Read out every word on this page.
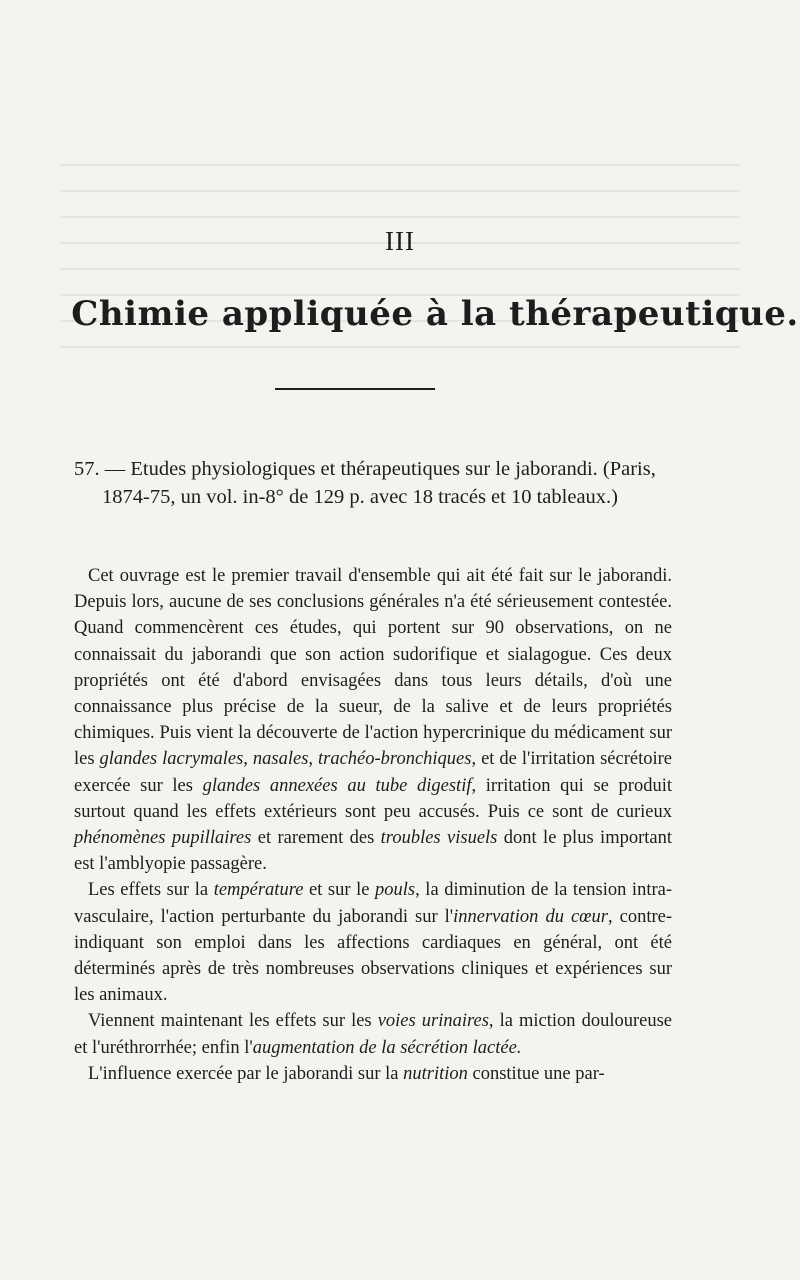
III
Chimie appliquée à la thérapeutique.
57. — Etudes physiologiques et thérapeutiques sur le jaborandi. (Paris, 1874-75, un vol. in-8° de 129 p. avec 18 tracés et 10 tableaux.)

Cet ouvrage est le premier travail d'ensemble qui ait été fait sur le jaborandi. Depuis lors, aucune de ses conclusions générales n'a été sérieusement contestée. Quand commencèrent ces études, qui portent sur 90 observations, on ne connaissait du jaborandi que son action sudorifique et sialagogue. Ces deux propriétés ont été d'abord envisagées dans tous leurs détails, d'où une connaissance plus précise de la sueur, de la salive et de leurs propriétés chimiques. Puis vient la découverte de l'action hypercrinique du médicament sur les glandes lacrymales, nasales, trachéo-bronchiques, et de l'irritation sécrétoire exercée sur les glandes annexées au tube digestif, irritation qui se produit surtout quand les effets extérieurs sont peu accusés. Puis ce sont de curieux phénomènes pupillaires et rarement des troubles visuels dont le plus important est l'amblyopie passagère.

Les effets sur la température et sur le pouls, la diminution de la tension intra-vasculaire, l'action perturbante du jaborandi sur l'innervation du cœur, contre-indiquant son emploi dans les affections cardiaques en général, ont été déterminés après de très nombreuses observations cliniques et expériences sur les animaux.

Viennent maintenant les effets sur les voies urinaires, la miction douloureuse et l'uréthrorrhée; enfin l'augmentation de la sécrétion lactée.

L'influence exercée par le jaborandi sur la nutrition constitue une par-
